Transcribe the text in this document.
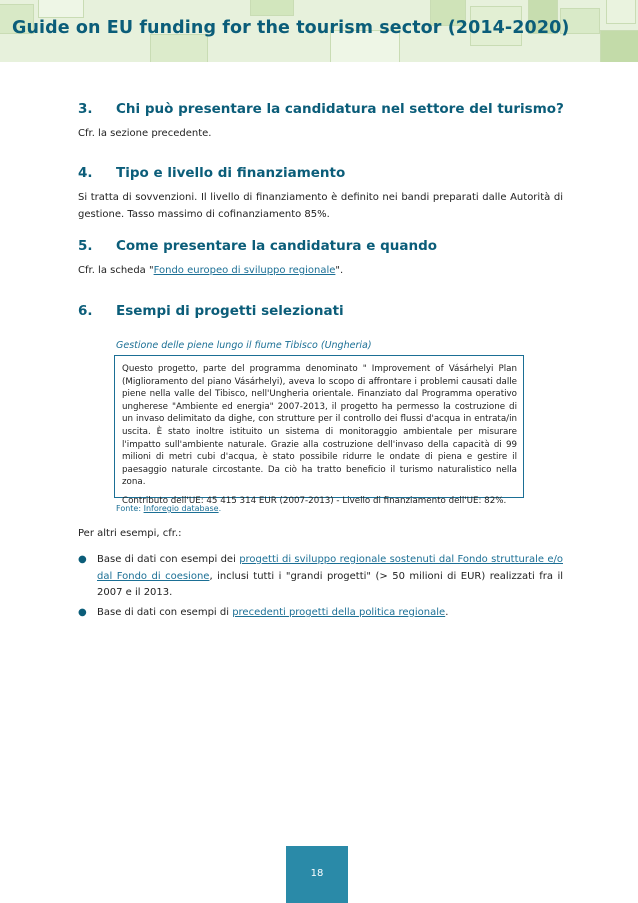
Guide on EU funding for the tourism sector (2014-2020)
3. Chi può presentare la candidatura nel settore del turismo?
Cfr. la sezione precedente.
4. Tipo e livello di finanziamento
Si tratta di sovvenzioni. Il livello di finanziamento è definito nei bandi preparati dalle Autorità di gestione. Tasso massimo di cofinanziamento 85%.
5. Come presentare la candidatura e quando
Cfr. la scheda "Fondo europeo di sviluppo regionale".
6. Esempi di progetti selezionati
Gestione delle piene lungo il fiume Tibisco (Ungheria)
Questo progetto, parte del programma denominato " Improvement of Vásárhelyi Plan (Miglioramento del piano Vásárhelyi), aveva lo scopo di affrontare i problemi causati dalle piene nella valle del Tibisco, nell'Ungheria orientale. Finanziato dal Programma operativo ungherese "Ambiente ed energia" 2007-2013, il progetto ha permesso la costruzione di un invaso delimitato da dighe, con strutture per il controllo dei flussi d'acqua in entrata/in uscita. È stato inoltre istituito un sistema di monitoraggio ambientale per misurare l'impatto sull'ambiente naturale. Grazie alla costruzione dell'invaso della capacità di 99 milioni di metri cubi d'acqua, è stato possibile ridurre le ondate di piena e gestire il paesaggio naturale circostante. Da ciò ha tratto beneficio il turismo naturalistico nella zona.
Contributo dell'UE: 45 415 314 EUR (2007-2013) - Livello di finanziamento dell'UE: 82%.
Fonte: Inforegio database.
Per altri esempi, cfr.:
● Base di dati con esempi dei progetti di sviluppo regionale sostenuti dal Fondo strutturale e/o dal Fondo di coesione, inclusi tutti i "grandi progetti" (> 50 milioni di EUR) realizzati fra il 2007 e il 2013.
● Base di dati con esempi di precedenti progetti della politica regionale.
18
